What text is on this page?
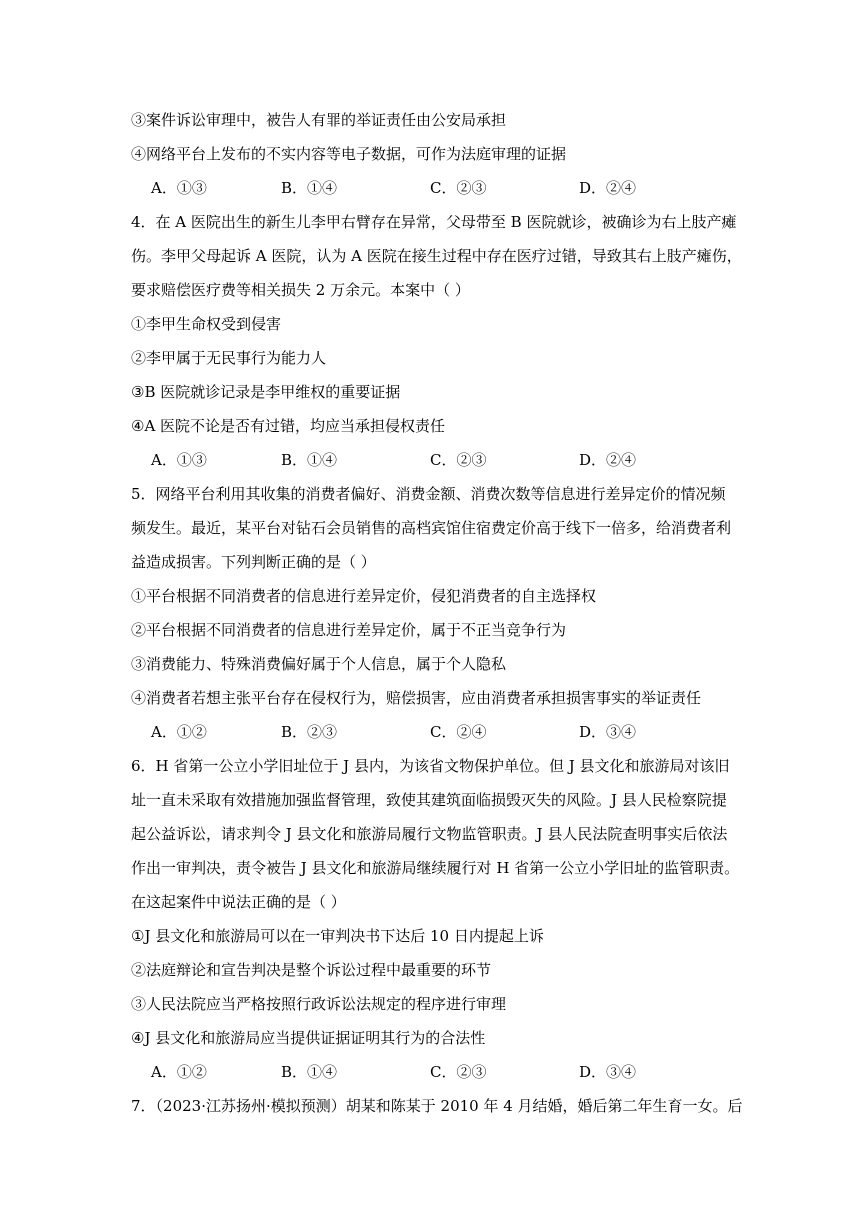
③案件诉讼审理中，被告人有罪的举证责任由公安局承担
④网络平台上发布的不实内容等电子数据，可作为法庭审理的证据
A．①③	B．①④	C．②③	D．②④
4．在 A 医院出生的新生儿李甲右臂存在异常，父母带至 B 医院就诊，被确诊为右上肢产瘫
伤。李甲父母起诉 A 医院，认为 A 医院在接生过程中存在医疗过错，导致其右上肢产瘫伤，
要求赔偿医疗费等相关损失 2 万余元。本案中（ ）
①李甲生命权受到侵害
②李甲属于无民事行为能力人
③B 医院就诊记录是李甲维权的重要证据
④A 医院不论是否有过错，均应当承担侵权责任
A．①③	B．①④	C．②③	D．②④
5．网络平台利用其收集的消费者偏好、消费金额、消费次数等信息进行差异定价的情况频
频发生。最近，某平台对钻石会员销售的高档宾馆住宿费定价高于线下一倍多，给消费者利
益造成损害。下列判断正确的是（ ）
①平台根据不同消费者的信息进行差异定价，侵犯消费者的自主选择权
②平台根据不同消费者的信息进行差异定价，属于不正当竞争行为
③消费能力、特殊消费偏好属于个人信息，属于个人隐私
④消费者若想主张平台存在侵权行为，赔偿损害，应由消费者承担损害事实的举证责任
A．①②	B．②③	C．②④	D．③④
6．H 省第一公立小学旧址位于 J 县内，为该省文物保护单位。但 J 县文化和旅游局对该旧
址一直未采取有效措施加强监督管理，致使其建筑面临损毁灭失的风险。J 县人民检察院提
起公益诉讼，请求判令 J 县文化和旅游局履行文物监管职责。J 县人民法院查明事实后依法
作出一审判决，责令被告 J 县文化和旅游局继续履行对 H 省第一公立小学旧址的监管职责。
在这起案件中说法正确的是（ ）
①J 县文化和旅游局可以在一审判决书下达后 10 日内提起上诉
②法庭辩论和宣告判决是整个诉讼过程中最重要的环节
③人民法院应当严格按照行政诉讼法规定的程序进行审理
④J 县文化和旅游局应当提供证据证明其行为的合法性
A．①②	B．①④	C．②③	D．③④
7．（2023·江苏扬州·模拟预测）胡某和陈某于 2010 年 4 月结婚，婚后第二年生育一女。后
